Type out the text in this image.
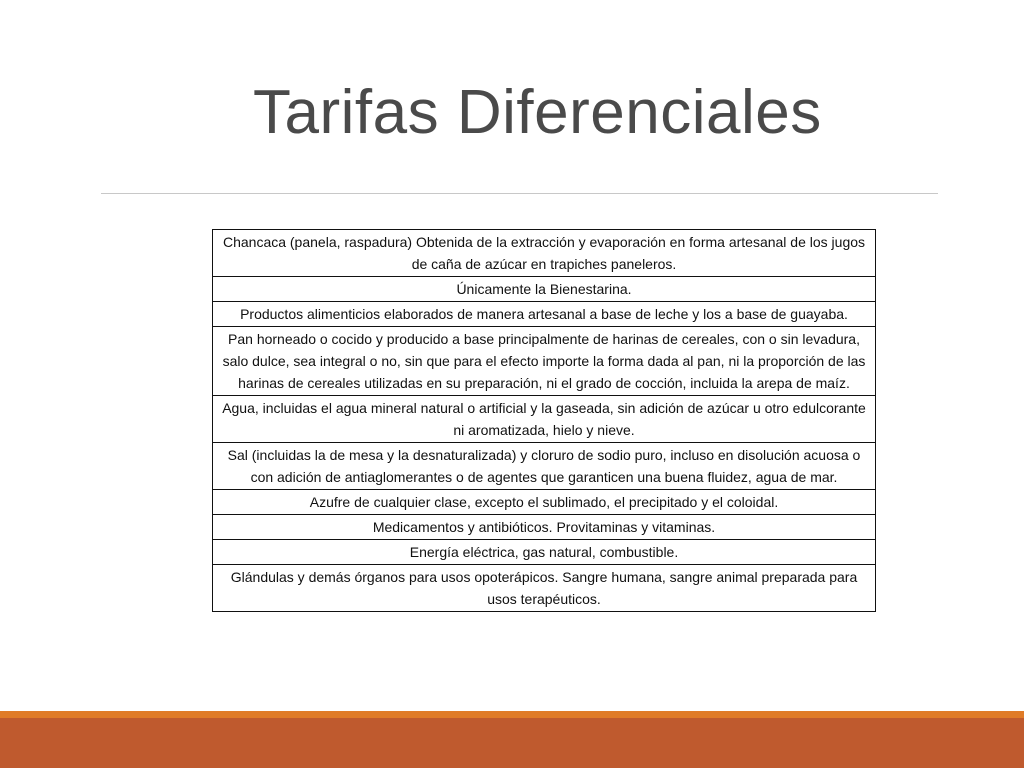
Tarifas Diferenciales
Chancaca (panela, raspadura) Obtenida de la extracción y evaporación en forma artesanal de los jugos de caña de azúcar en trapiches paneleros.
Únicamente la Bienestarina.
Productos alimenticios elaborados de manera artesanal a base de leche y los a base de guayaba.
Pan horneado o cocido y producido a base principalmente de harinas de cereales, con o sin levadura, salo dulce, sea integral o no, sin que para el efecto importe la forma dada al pan, ni la proporción de las harinas de cereales utilizadas en su preparación, ni el grado de cocción, incluida la arepa de maíz.
Agua, incluidas el agua mineral natural o artificial y la gaseada, sin adición de azúcar u otro edulcorante ni aromatizada, hielo y nieve.
Sal (incluidas la de mesa y la desnaturalizada) y cloruro de sodio puro, incluso en disolución acuosa o con adición de antiaglomerantes o de agentes que garanticen una buena fluidez, agua de mar.
Azufre de cualquier clase, excepto el sublimado, el precipitado y el coloidal.
Medicamentos y antibióticos. Provitaminas y vitaminas.
Energía eléctrica, gas natural, combustible.
Glándulas y demás órganos para usos opoterápicos. Sangre humana, sangre animal preparada para usos terapéuticos.
